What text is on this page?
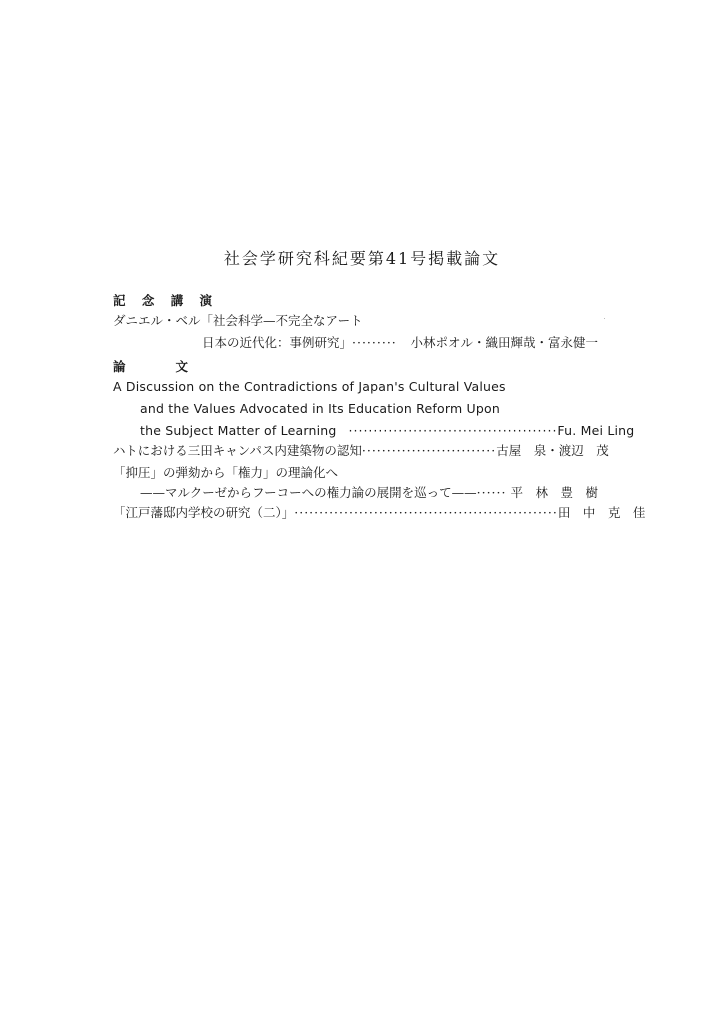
社会学研究科紀要第41号掲載論文
記 念 講 演
ダニエル・ベル「社会科学—不完全なアート
日本の近代化：事例研究」 ·········	小林ポオル・織田輝哉・富永健一
論　　　　文
A Discussion on the Contradictions of Japan's Cultural Values
and the Values Advocated in Its Education Reform Upon
the Subject Matter of Learning ·········································· Fu. Mei Ling
ハトにおける三田キャンパス内建築物の認知 ··························· 古屋　泉・渡辺　茂
「抑圧」の弾劾から「権力」の理論化へ
——マルクーゼからフーコーへの権力論の展開を巡って—— ······ 平　林　豊　樹
「江戸藩邸内学校の研究（二）」 ····················································· 田　中　克　佳
